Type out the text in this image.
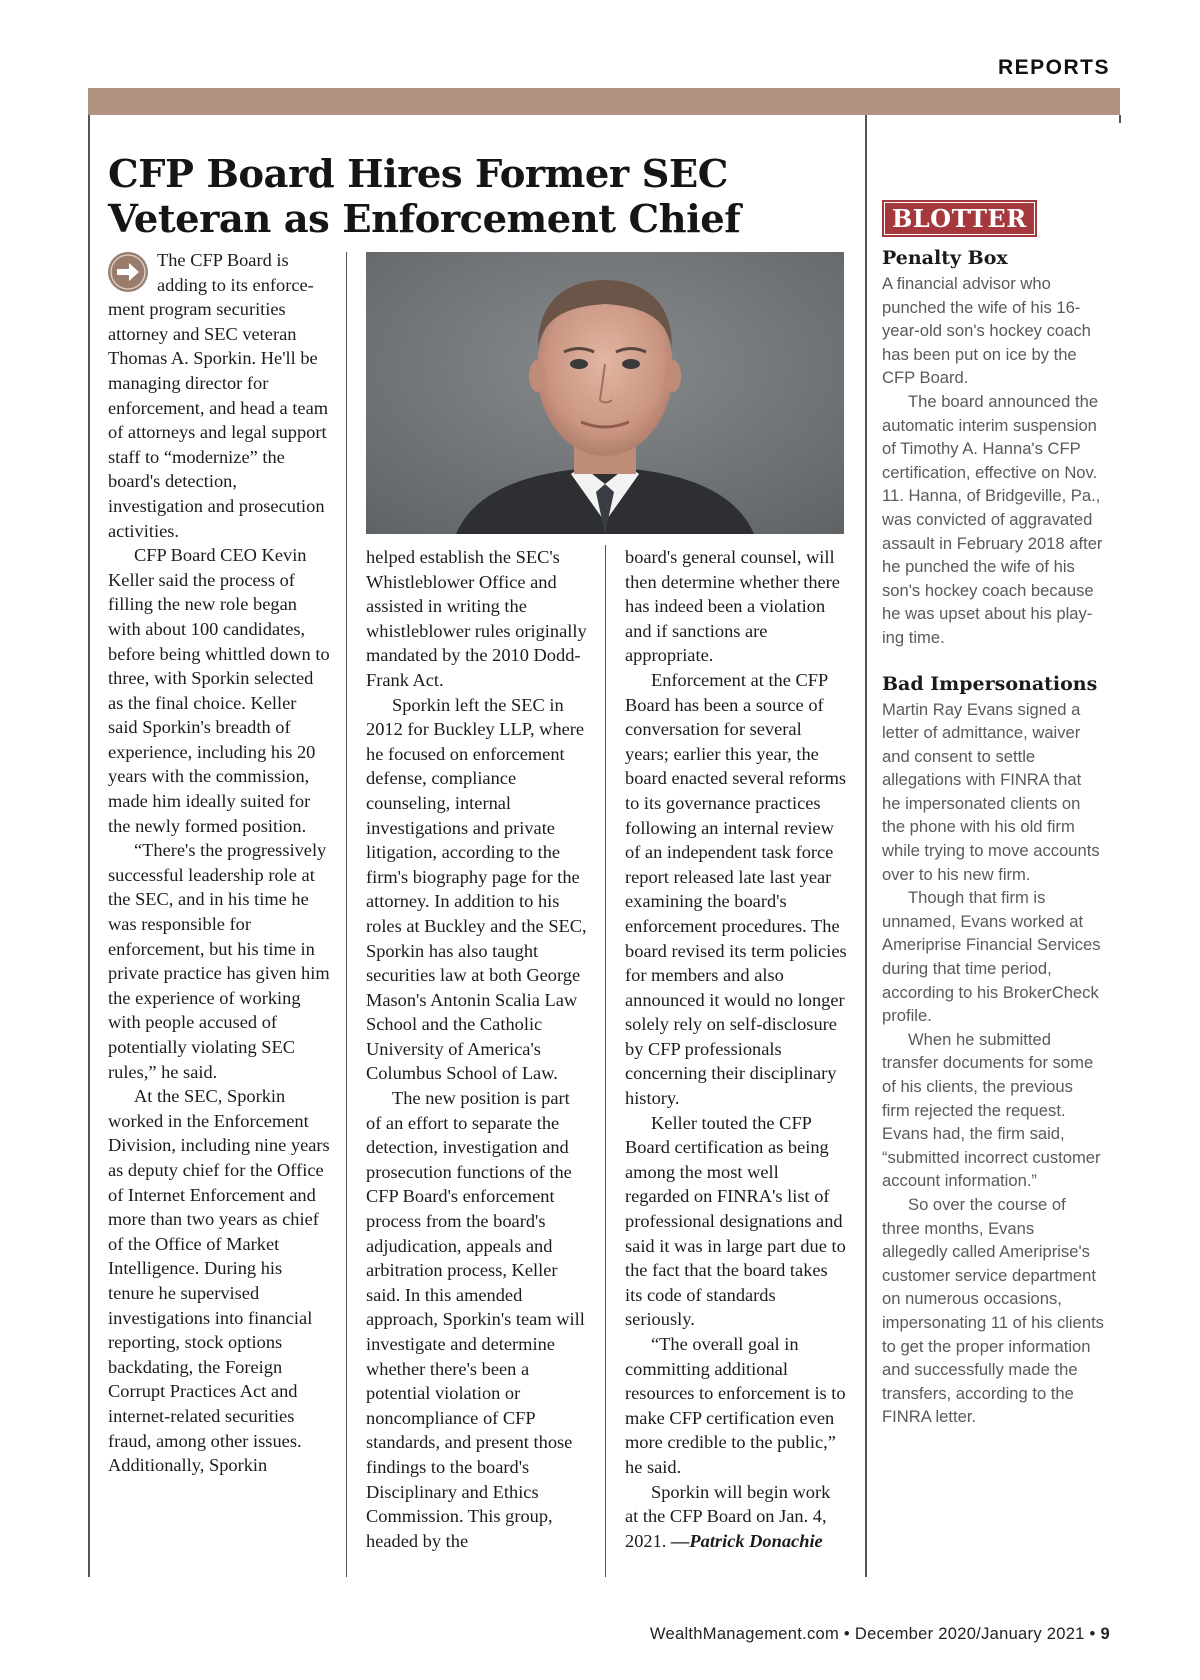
REPORTS
CFP Board Hires Former SEC Veteran as Enforcement Chief

The CFP Board is adding to its enforcement program securities attorney and SEC veteran Thomas A. Sporkin. He'll be managing director for enforcement, and head a team of attorneys and legal support staff to “modernize” the board's detection, investigation and prosecution activities.

CFP Board CEO Kevin Keller said the process of filling the new role began with about 100 candidates, before being whittled down to three, with Sporkin selected as the final choice. Keller said Sporkin's breadth of experience, including his 20 years with the commission, made him ideally suited for the newly formed position.

“There's the progressively successful leadership role at the SEC, and in his time he was responsible for enforcement, but his time in private practice has given him the experience of working with people accused of potentially violating SEC rules,” he said.

At the SEC, Sporkin worked in the Enforcement Division, including nine years as deputy chief for the Office of Internet Enforcement and more than two years as chief of the Office of Market Intelligence. During his tenure he supervised investigations into financial reporting, stock options backdating, the Foreign Corrupt Practices Act and internet-related securities fraud, among other issues. Additionally, Sporkin

helped establish the SEC's Whistleblower Office and assisted in writing the whistleblower rules originally mandated by the 2010 Dodd-Frank Act.

Sporkin left the SEC in 2012 for Buckley LLP, where he focused on enforcement defense, compliance counseling, internal investigations and private litigation, according to the firm's biography page for the attorney. In addition to his roles at Buckley and the SEC, Sporkin has also taught securities law at both George Mason's Antonin Scalia Law School and the Catholic University of America's Columbus School of Law.

The new position is part of an effort to separate the detection, investigation and prosecution functions of the CFP Board's enforcement process from the board's adjudication, appeals and arbitration process, Keller said. In this amended approach, Sporkin's team will investigate and determine whether there's been a potential violation or noncompliance of CFP standards, and present those findings to the board's Disciplinary and Ethics Commission. This group, headed by the

board's general counsel, will then determine whether there has indeed been a violation and if sanctions are appropriate.

Enforcement at the CFP Board has been a source of conversation for several years; earlier this year, the board enacted several reforms to its governance practices following an internal review of an independent task force report released late last year examining the board's enforcement procedures. The board revised its term policies for members and also announced it would no longer solely rely on self-disclosure by CFP professionals concerning their disciplinary history.

Keller touted the CFP Board certification as being among the most well regarded on FINRA's list of professional designations and said it was in large part due to the fact that the board takes its code of standards seriously.

“The overall goal in committing additional resources to enforcement is to make CFP certification even more credible to the public,” he said.

Sporkin will begin work at the CFP Board on Jan. 4, 2021. —Patrick Donachie

BLOTTER
Penalty Box

A financial advisor who punched the wife of his 16-year-old son's hockey coach has been put on ice by the CFP Board.

The board announced the automatic interim suspension of Timothy A. Hanna's CFP certification, effective on Nov. 11. Hanna, of Bridgeville, Pa., was convicted of aggravated assault in February 2018 after he punched the wife of his son's hockey coach because he was upset about his playing time.

Bad Impersonations

Martin Ray Evans signed a letter of admittance, waiver and consent to settle allegations with FINRA that he impersonated clients on the phone with his old firm while trying to move accounts over to his new firm.

Though that firm is unnamed, Evans worked at Ameriprise Financial Services during that time period, according to his BrokerCheck profile.

When he submitted transfer documents for some of his clients, the previous firm rejected the request. Evans had, the firm said, “submitted incorrect customer account information.”

So over the course of three months, Evans allegedly called Ameriprise's customer service department on numerous occasions, impersonating 11 of his clients to get the proper information and successfully made the transfers, according to the FINRA letter.

WealthManagement.com • December 2020/January 2021 • 9
